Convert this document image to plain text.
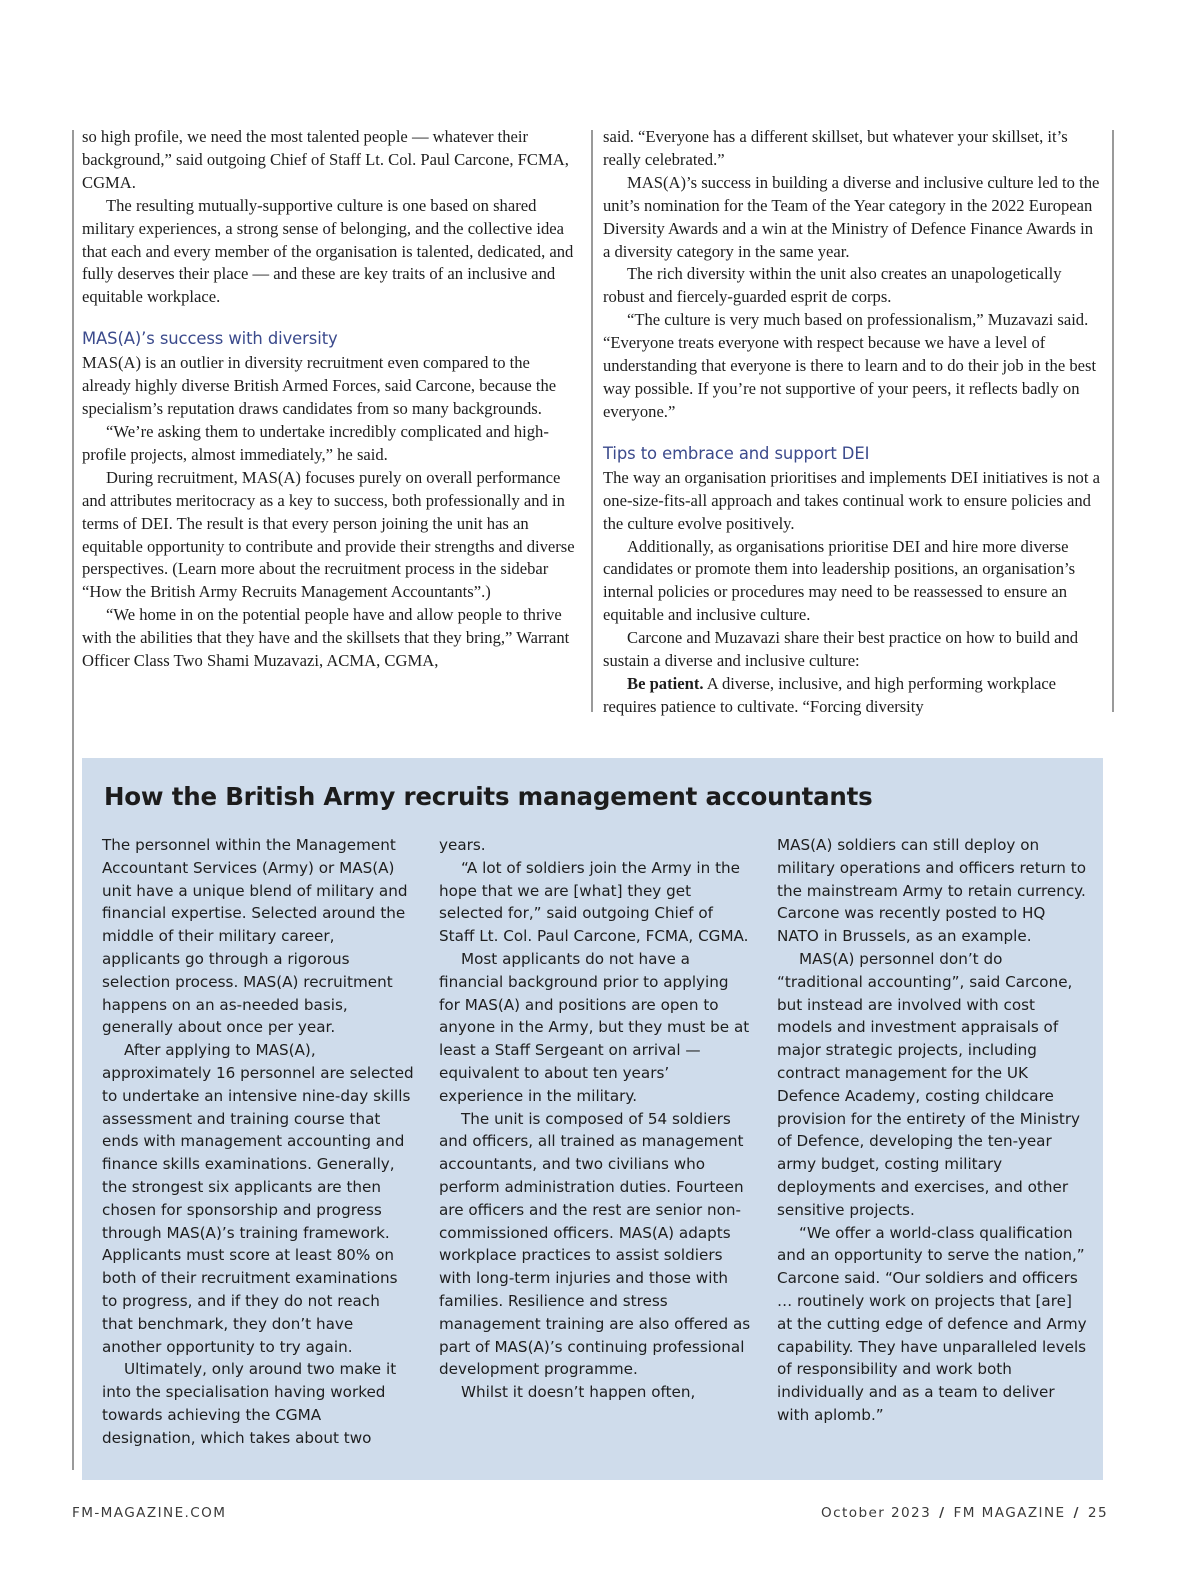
so high profile, we need the most talented people — whatever their background,” said outgoing Chief of Staff Lt. Col. Paul Carcone, FCMA, CGMA.

The resulting mutually-supportive culture is one based on shared military experiences, a strong sense of belonging, and the collective idea that each and every member of the organisation is talented, dedicated, and fully deserves their place — and these are key traits of an inclusive and equitable workplace.

MAS(A)’s success with diversity

MAS(A) is an outlier in diversity recruitment even compared to the already highly diverse British Armed Forces, said Carcone, because the specialism’s reputation draws candidates from so many backgrounds.

“We’re asking them to undertake incredibly complicated and high-profile projects, almost immediately,” he said.

During recruitment, MAS(A) focuses purely on overall performance and attributes meritocracy as a key to success, both professionally and in terms of DEI. The result is that every person joining the unit has an equitable opportunity to contribute and provide their strengths and diverse perspectives. (Learn more about the recruitment process in the sidebar “How the British Army Recruits Management Accountants”.)

“We home in on the potential people have and allow people to thrive with the abilities that they have and the skillsets that they bring,” Warrant Officer Class Two Shami Muzavazi, ACMA, CGMA,

said. “Everyone has a different skillset, but whatever your skillset, it’s really celebrated.”

MAS(A)’s success in building a diverse and inclusive culture led to the unit’s nomination for the Team of the Year category in the 2022 European Diversity Awards and a win at the Ministry of Defence Finance Awards in a diversity category in the same year.

The rich diversity within the unit also creates an unapologetically robust and fiercely-guarded esprit de corps.

“The culture is very much based on professionalism,” Muzavazi said. “Everyone treats everyone with respect because we have a level of understanding that everyone is there to learn and to do their job in the best way possible. If you’re not supportive of your peers, it reflects badly on everyone.”

Tips to embrace and support DEI

The way an organisation prioritises and implements DEI initiatives is not a one-size-fits-all approach and takes continual work to ensure policies and the culture evolve positively.

Additionally, as organisations prioritise DEI and hire more diverse candidates or promote them into leadership positions, an organisation’s internal policies or procedures may need to be reassessed to ensure an equitable and inclusive culture.

Carcone and Muzavazi share their best practice on how to build and sustain a diverse and inclusive culture:

Be patient. A diverse, inclusive, and high performing workplace requires patience to cultivate. “Forcing diversity

How the British Army recruits management accountants

The personnel within the Management Accountant Services (Army) or MAS(A) unit have a unique blend of military and financial expertise. Selected around the middle of their military career, applicants go through a rigorous selection process. MAS(A) recruitment happens on an as-needed basis, generally about once per year.

After applying to MAS(A), approximately 16 personnel are selected to undertake an intensive nine-day skills assessment and training course that ends with management accounting and finance skills examinations. Generally, the strongest six applicants are then chosen for sponsorship and progress through MAS(A)’s training framework. Applicants must score at least 80% on both of their recruitment examinations to progress, and if they do not reach that benchmark, they don’t have another opportunity to try again.

Ultimately, only around two make it into the specialisation having worked towards achieving the CGMA designation, which takes about two

years.

“A lot of soldiers join the Army in the hope that we are [what] they get selected for,” said outgoing Chief of Staff Lt. Col. Paul Carcone, FCMA, CGMA.

Most applicants do not have a financial background prior to applying for MAS(A) and positions are open to anyone in the Army, but they must be at least a Staff Sergeant on arrival — equivalent to about ten years’ experience in the military.

The unit is composed of 54 soldiers and officers, all trained as management accountants, and two civilians who perform administration duties. Fourteen are officers and the rest are senior non-commissioned officers. MAS(A) adapts workplace practices to assist soldiers with long-term injuries and those with families. Resilience and stress management training are also offered as part of MAS(A)’s continuing professional development programme.

Whilst it doesn’t happen often,

MAS(A) soldiers can still deploy on military operations and officers return to the mainstream Army to retain currency. Carcone was recently posted to HQ NATO in Brussels, as an example.

MAS(A) personnel don’t do “traditional accounting”, said Carcone, but instead are involved with cost models and investment appraisals of major strategic projects, including contract management for the UK Defence Academy, costing childcare provision for the entirety of the Ministry of Defence, developing the ten-year army budget, costing military deployments and exercises, and other sensitive projects.

“We offer a world-class qualification and an opportunity to serve the nation,” Carcone said. “Our soldiers and officers … routinely work on projects that [are] at the cutting edge of defence and Army capability. They have unparalleled levels of responsibility and work both individually and as a team to deliver with aplomb.”

FM-MAGAZINE.COM	October 2023 / FM MAGAZINE / 25
